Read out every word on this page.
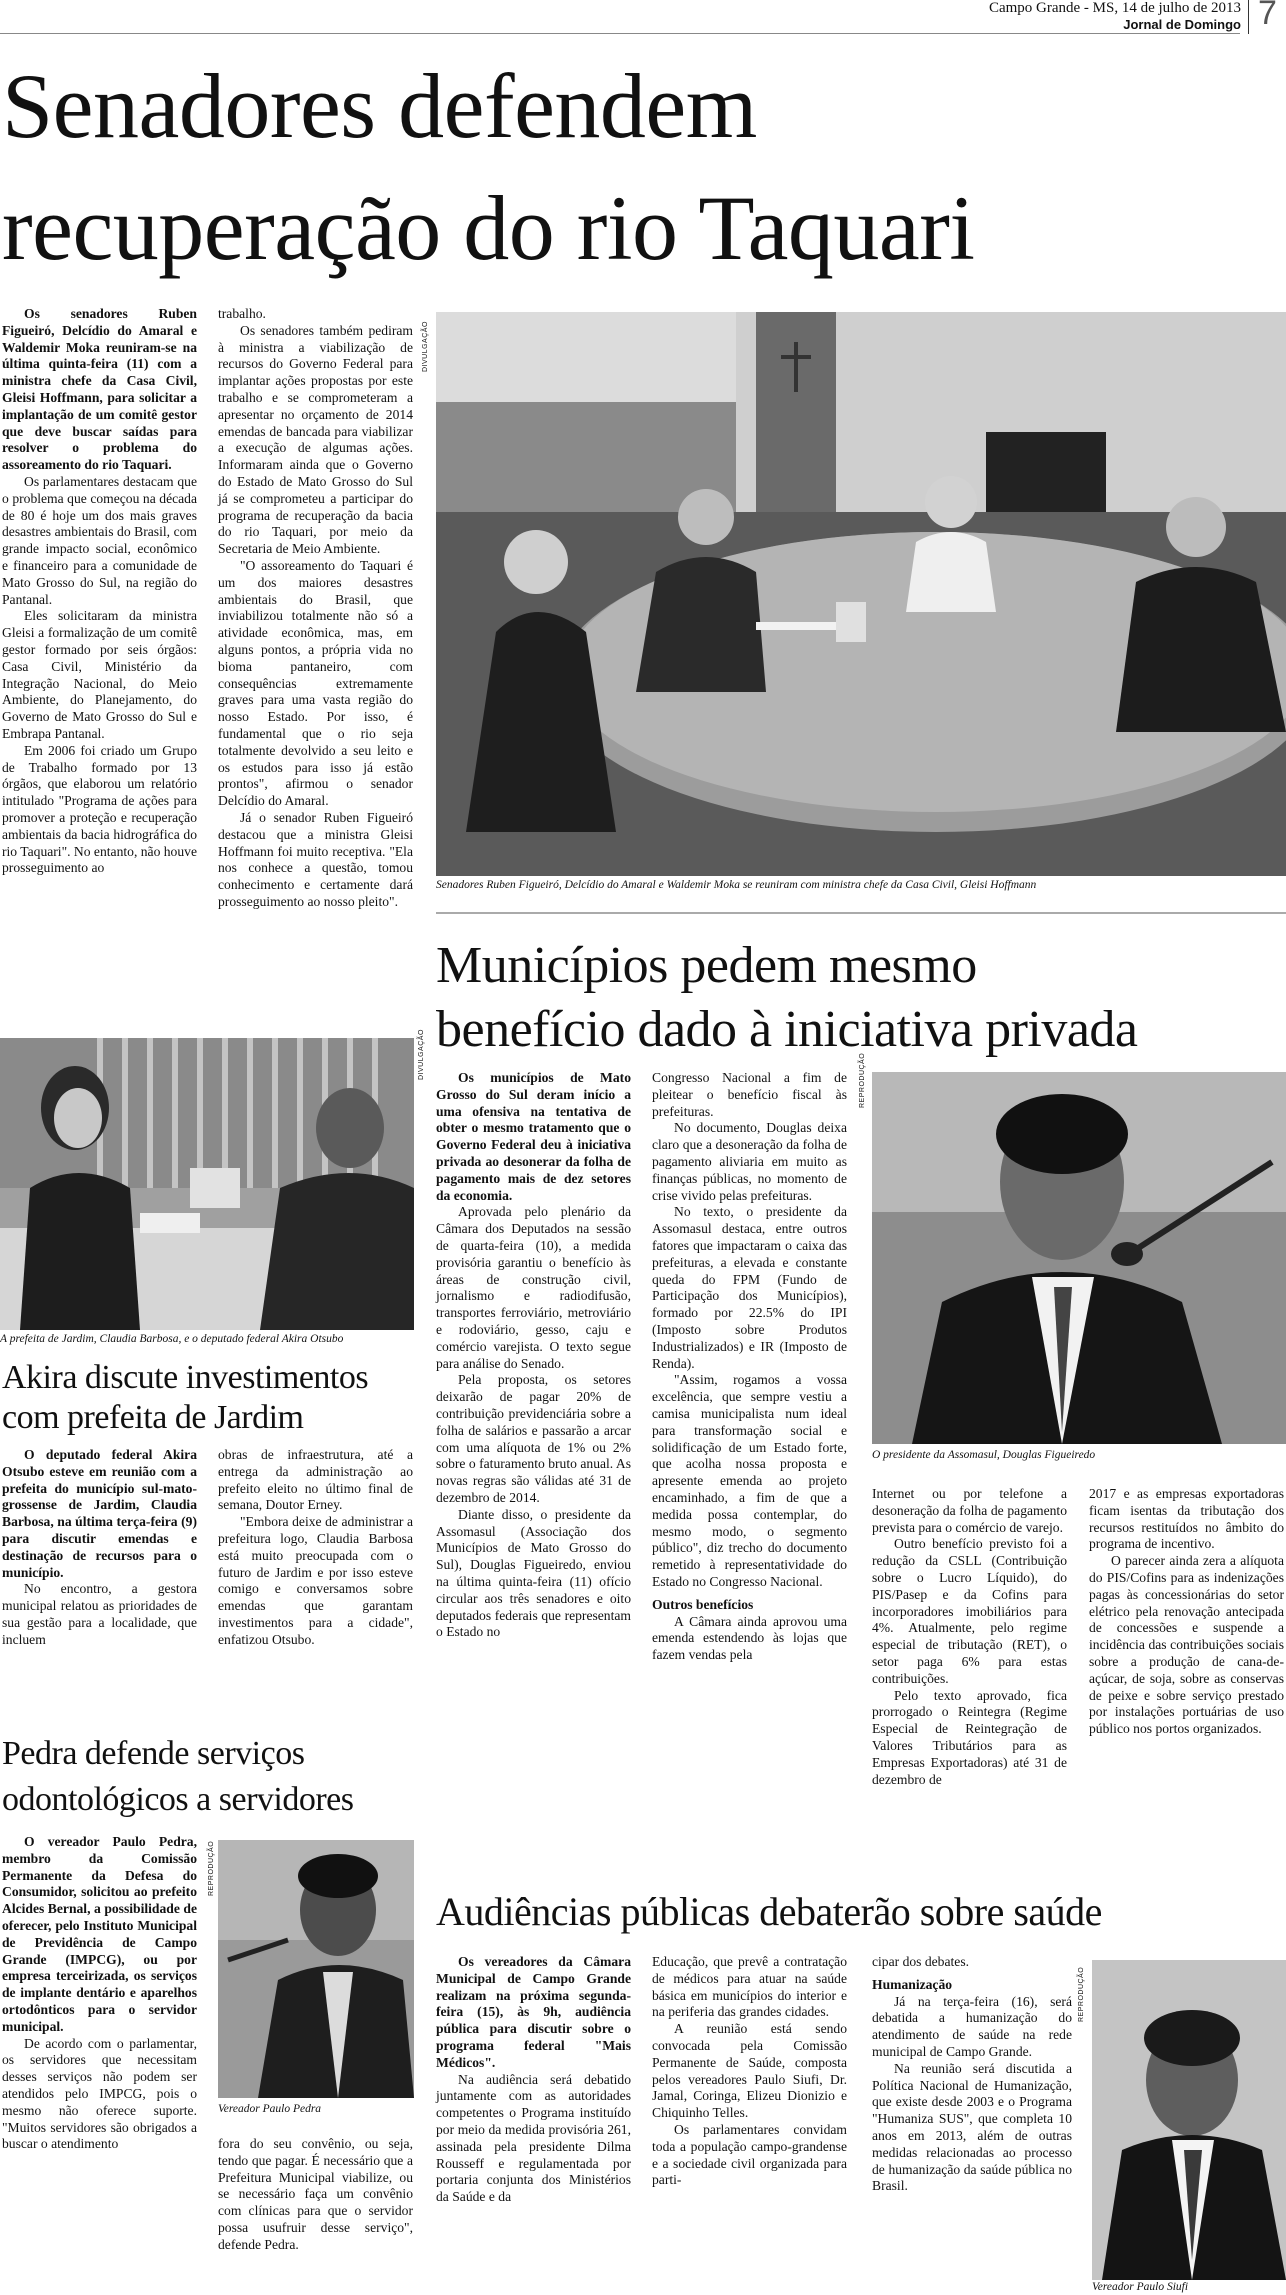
Campo Grande - MS, 14 de julho de 2013
Jornal de Domingo 7
Senadores defendem
recuperação do rio Taquari

Os senadores Ruben Figueiró, Delcídio do Amaral e Waldemir Moka reuniram-se na última quinta-feira (11) com a ministra chefe da Casa Civil, Gleisi Hoffmann, para solicitar a implantação de um comitê gestor que deve buscar saídas para resolver o problema do assoreamento do rio Taquari.

Os parlamentares destacam que o problema que começou na década de 80 é hoje um dos mais graves desastres ambientais do Brasil, com grande impacto social, econômico e financeiro para a comunidade de Mato Grosso do Sul, na região do Pantanal.

Eles solicitaram da ministra Gleisi a formalização de um comitê gestor formado por seis órgãos: Casa Civil, Ministério da Integração Nacional, do Meio Ambiente, do Planejamento, do Governo de Mato Grosso do Sul e Embrapa Pantanal.

Em 2006 foi criado um Grupo de Trabalho formado por 13 órgãos, que elaborou um relatório intitulado "Programa de ações para promover a proteção e recuperação ambientais da bacia hidrográfica do rio Taquari". No entanto, não houve prosseguimento ao

trabalho.

Os senadores também pediram à ministra a viabilização de recursos do Governo Federal para implantar ações propostas por este trabalho e se comprometeram a apresentar no orçamento de 2014 emendas de bancada para viabilizar a execução de algumas ações. Informaram ainda que o Governo do Estado de Mato Grosso do Sul já se comprometeu a participar do programa de recuperação da bacia do rio Taquari, por meio da Secretaria de Meio Ambiente.

"O assoreamento do Taquari é um dos maiores desastres ambientais do Brasil, que inviabilizou totalmente não só a atividade econômica, mas, em alguns pontos, a própria vida no bioma pantaneiro, com consequências extremamente graves para uma vasta região do nosso Estado. Por isso, é fundamental que o rio seja totalmente devolvido a seu leito e os estudos para isso já estão prontos", afirmou o senador Delcídio do Amaral.

Já o senador Ruben Figueiró destacou que a ministra Gleisi Hoffmann foi muito receptiva. "Ela nos conhece a questão, tomou conhecimento e certamente dará prosseguimento ao nosso pleito".

DIVULGAÇÃO
Senadores Ruben Figueiró, Delcídio do Amaral e Waldemir Moka se reuniram com ministra chefe da Casa Civil, Gleisi Hoffmann
Municípios pedem mesmo
benefício dado à iniciativa privada

Os municípios de Mato Grosso do Sul deram início a uma ofensiva na tentativa de obter o mesmo tratamento que o Governo Federal deu à iniciativa privada ao desonerar da folha de pagamento mais de dez setores da economia.

Aprovada pelo plenário da Câmara dos Deputados na sessão de quarta-feira (10), a medida provisória garantiu o benefício às áreas de construção civil, jornalismo e radiodifusão, transportes ferroviário, metroviário e rodoviário, gesso, caju e comércio varejista. O texto segue para análise do Senado.

Pela proposta, os setores deixarão de pagar 20% de contribuição previdenciária sobre a folha de salários e passarão a arcar com uma alíquota de 1% ou 2% sobre o faturamento bruto anual. As novas regras são válidas até 31 de dezembro de 2014.

Diante disso, o presidente da Assomasul (Associação dos Municípios de Mato Grosso do Sul), Douglas Figueiredo, enviou na última quinta-feira (11) ofício circular aos três senadores e oito deputados federais que representam o Estado no

Congresso Nacional a fim de pleitear o benefício fiscal às prefeituras.

No documento, Douglas deixa claro que a desoneração da folha de pagamento aliviaria em muito as finanças públicas, no momento de crise vivido pelas prefeituras.

No texto, o presidente da Assomasul destaca, entre outros fatores que impactaram o caixa das prefeituras, a elevada e constante queda do FPM (Fundo de Participação dos Municípios), formado por 22.5% do IPI (Imposto sobre Produtos Industrializados) e IR (Imposto de Renda).

"Assim, rogamos a vossa excelência, que sempre vestiu a camisa municipalista num ideal para transformação social e solidificação de um Estado forte, que acolha nossa proposta e apresente emenda ao projeto encaminhado, a fim de que a medida possa contemplar, do mesmo modo, o segmento público", diz trecho do documento remetido à representatividade do Estado no Congresso Nacional.

Outros benefícios

A Câmara ainda aprovou uma emenda estendendo às lojas que fazem vendas pela

REPRODUÇÃO
O presidente da Assomasul, Douglas Figueiredo

Internet ou por telefone a desoneração da folha de pagamento prevista para o comércio de varejo.

Outro benefício previsto foi a redução da CSLL (Contribuição sobre o Lucro Líquido), do PIS/Pasep e da Cofins para incorporadores imobiliários para 4%. Atualmente, pelo regime especial de tributação (RET), o setor paga 6% para estas contribuições.

Pelo texto aprovado, fica prorrogado o Reintegra (Regime Especial de Reintegração de Valores Tributários para as Empresas Exportadoras) até 31 de dezembro de

2017 e as empresas exportadoras ficam isentas da tributação dos recursos restituídos no âmbito do programa de incentivo.

O parecer ainda zera a alíquota do PIS/Cofins para as indenizações pagas às concessionárias do setor elétrico pela renovação antecipada de concessões e suspende a incidência das contribuições sociais sobre a produção de cana-de-açúcar, de soja, sobre as conservas de peixe e sobre serviço prestado por instalações portuárias de uso público nos portos organizados.

DIVULGAÇÃO
A prefeita de Jardim, Claudia Barbosa, e o deputado federal Akira Otsubo
Akira discute investimentos
com prefeita de Jardim

O deputado federal Akira Otsubo esteve em reunião com a prefeita do município sul-mato-grossense de Jardim, Claudia Barbosa, na última terça-feira (9) para discutir emendas e destinação de recursos para o município.

No encontro, a gestora municipal relatou as prioridades de sua gestão para a localidade, que incluem

obras de infraestrutura, até a entrega da administração ao prefeito eleito no último final de semana, Doutor Erney.

"Embora deixe de administrar a prefeitura logo, Claudia Barbosa está muito preocupada com o futuro de Jardim e por isso esteve comigo e conversamos sobre emendas que garantam investimentos para a cidade", enfatizou Otsubo.

Pedra defende serviços
odontológicos a servidores

O vereador Paulo Pedra, membro da Comissão Permanente da Defesa do Consumidor, solicitou ao prefeito Alcides Bernal, a possibilidade de oferecer, pelo Instituto Municipal de Previdência de Campo Grande (IMPCG), ou por empresa terceirizada, os serviços de implante dentário e aparelhos ortodônticos para o servidor municipal.

De acordo com o parlamentar, os servidores que necessitam desses serviços não podem ser atendidos pelo IMPCG, pois o mesmo não oferece suporte. "Muitos servidores são obrigados a buscar o atendimento

REPRODUÇÃO
Vereador Paulo Pedra

fora do seu convênio, ou seja, tendo que pagar. É necessário que a Prefeitura Municipal viabilize, ou se necessário faça um convênio com clínicas para que o servidor possa usufruir desse serviço", defende Pedra.

Audiências públicas debaterão sobre saúde

Os vereadores da Câmara Municipal de Campo Grande realizam na próxima segunda-feira (15), às 9h, audiência pública para discutir sobre o programa federal "Mais Médicos".

Na audiência será debatido juntamente com as autoridades competentes o Programa instituído por meio da medida provisória 261, assinada pela presidente Dilma Rousseff e regulamentada por portaria conjunta dos Ministérios da Saúde e da

Educação, que prevê a contratação de médicos para atuar na saúde básica em municípios do interior e na periferia das grandes cidades.

A reunião está sendo convocada pela Comissão Permanente de Saúde, composta pelos vereadores Paulo Siufi, Dr. Jamal, Coringa, Elizeu Dionizio e Chiquinho Telles.

Os parlamentares convidam toda a população campo-grandense e a sociedade civil organizada para parti-

cipar dos debates.

Humanização

Já na terça-feira (16), será debatida a humanização do atendimento de saúde na rede municipal de Campo Grande.

Na reunião será discutida a Política Nacional de Humanização, que existe desde 2003 e o Programa "Humaniza SUS", que completa 10 anos em 2013, além de outras medidas relacionadas ao processo de humanização da saúde pública no Brasil.

REPRODUÇÃO
Vereador Paulo Siufi
